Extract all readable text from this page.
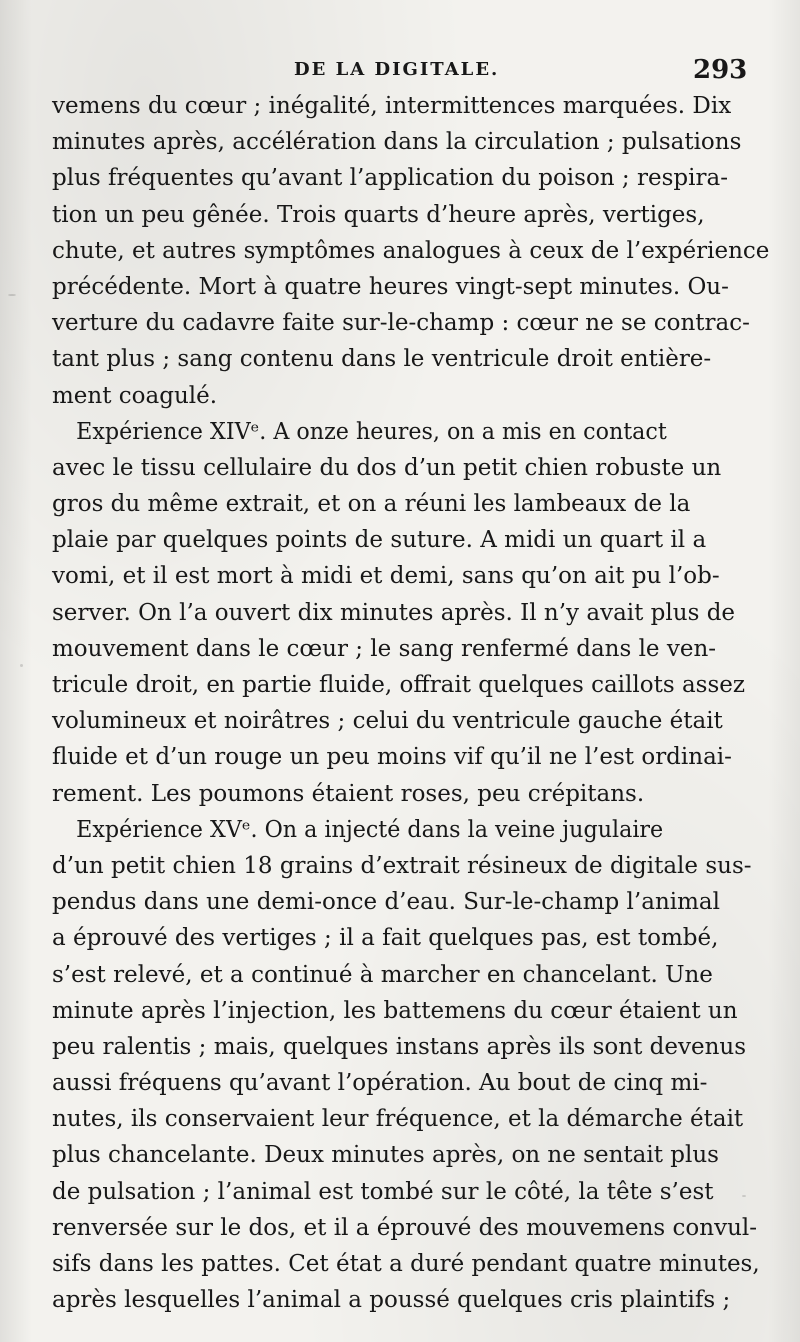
DE LA DIGITALE.	293
vemens du cœur ; inégalité, intermittences marquées. Dix
minutes après, accélération dans la circulation ; pulsations
plus fréquentes qu’avant l’application du poison ; respira-
tion un peu gênée. Trois quarts d’heure après, vertiges,
chute, et autres symptômes analogues à ceux de l’expérience
précédente. Mort à quatre heures vingt-sept minutes. Ou-
verture du cadavre faite sur-le-champ : cœur ne se contrac-
tant plus ; sang contenu dans le ventricule droit entière-
ment coagulé.
Expérience XIVᵉ. A onze heures, on a mis en contact
avec le tissu cellulaire du dos d’un petit chien robuste un
gros du même extrait, et on a réuni les lambeaux de la
plaie par quelques points de suture. A midi un quart il a
vomi, et il est mort à midi et demi, sans qu’on ait pu l’ob-
server. On l’a ouvert dix minutes après. Il n’y avait plus de
mouvement dans le cœur ; le sang renfermé dans le ven-
tricule droit, en partie fluide, offrait quelques caillots assez
volumineux et noirâtres ; celui du ventricule gauche était
fluide et d’un rouge un peu moins vif qu’il ne l’est ordinai-
rement. Les poumons étaient roses, peu crépitans.
Expérience XVᵉ. On a injecté dans la veine jugulaire
d’un petit chien 18 grains d’extrait résineux de digitale sus-
pendus dans une demi-once d’eau. Sur-le-champ l’animal
a éprouvé des vertiges ; il a fait quelques pas, est tombé,
s’est relevé, et a continué à marcher en chancelant. Une
minute après l’injection, les battemens du cœur étaient un
peu ralentis ; mais, quelques instans après ils sont devenus
aussi fréquens qu’avant l’opération. Au bout de cinq mi-
nutes, ils conservaient leur fréquence, et la démarche était
plus chancelante. Deux minutes après, on ne sentait plus
de pulsation ; l’animal est tombé sur le côté, la tête s’est
renversée sur le dos, et il a éprouvé des mouvemens convul-
sifs dans les pattes. Cet état a duré pendant quatre minutes,
après lesquelles l’animal a poussé quelques cris plaintifs ;
